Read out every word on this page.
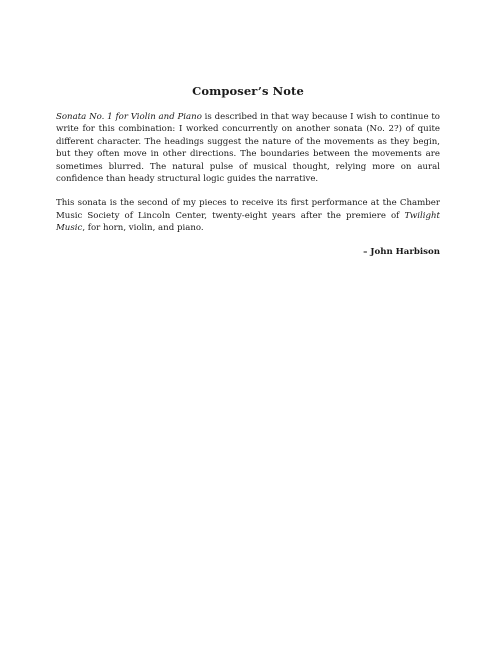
Composer’s Note

Sonata No. 1 for Violin and Piano is described in that way because I wish to continue to write for this combination: I worked concurrently on another sonata (No. 2?) of quite different character. The headings suggest the nature of the movements as they begin, but they often move in other directions. The boundaries between the movements are sometimes blurred. The natural pulse of musical thought, relying more on aural confidence than heady structural logic guides the narrative.

This sonata is the second of my pieces to receive its first performance at the Chamber Music Society of Lincoln Center, twenty-eight years after the premiere of Twilight Music, for horn, violin, and piano.

– John Harbison
